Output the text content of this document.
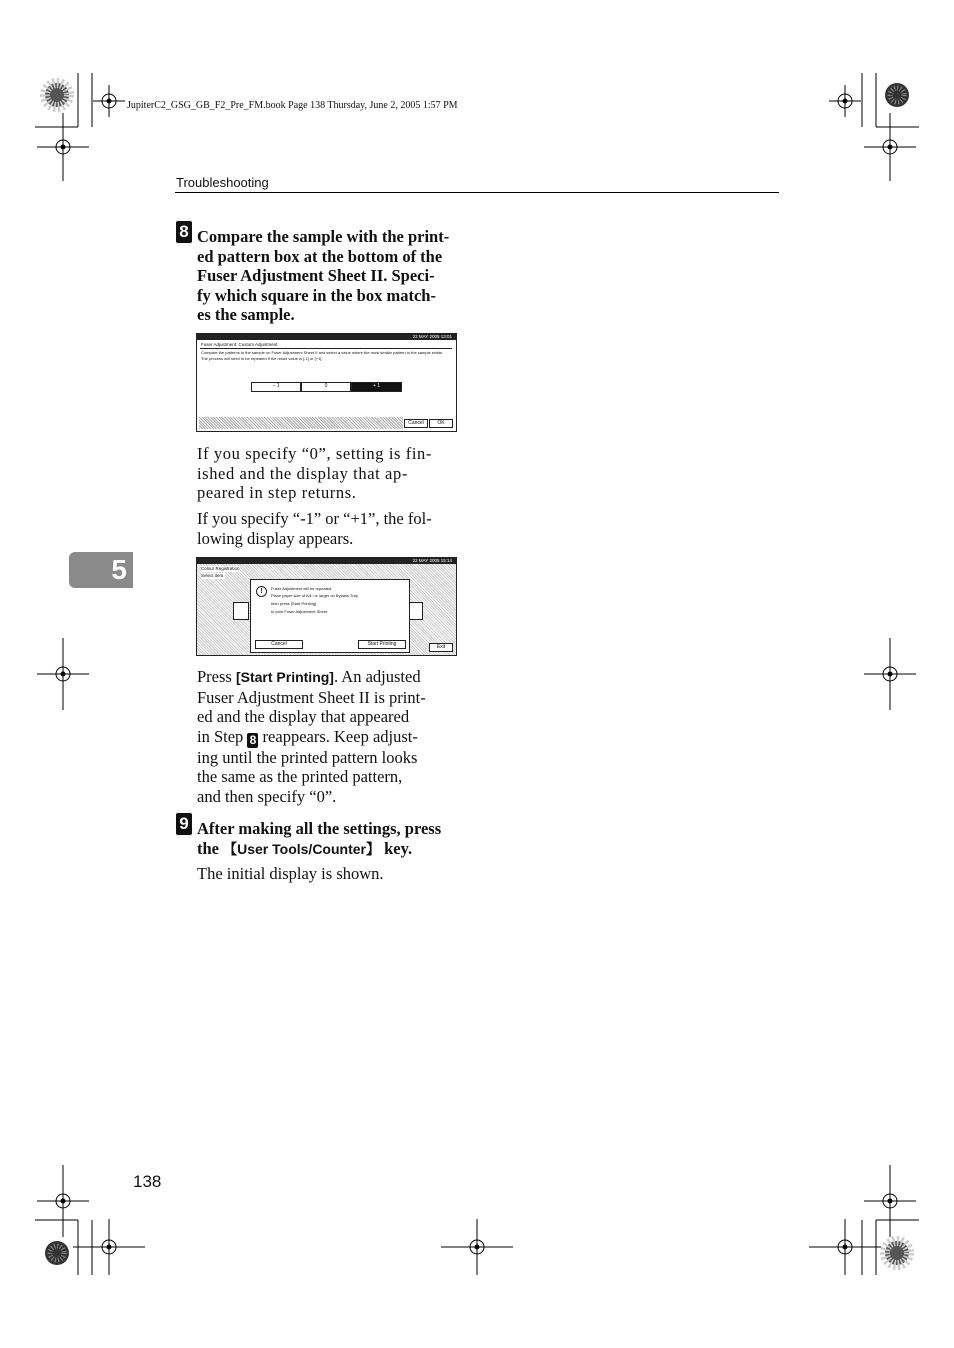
JupiterC2_GSG_GB_F2_Pre_FM.book Page 138 Thursday, June 2, 2005 1:57 PM
Troubleshooting
5
8 Compare the sample with the print-
ed pattern box at the bottom of the
Fuser Adjustment Sheet II. Speci-
fy which square in the box match-
es the sample.
22 MAY 2005 13:01
Fuser Adjustment: Custom Adjustment
Compare the patterns to the sample on Fuser Adjustment Sheet II and select a value where the most similar pattern to the sample exists.
The process will need to be repeated if the result value is [-1] or [+1].
− 1	0	+ 1
Cancel	OK
If you specify “0”, setting is fin-
ished and the display that ap-
peared in step returns.
If you specify “-1” or “+1”, the fol-
lowing display appears.
22 MAY 2005 15:14
Colour Registration
Select item.
!	Fuser Adjustment will be repeated.
Place paper size of A4□ or larger on Bypass Tray,
then press [Start Printing]
to print Fuser Adjustment Sheet.
Cancel	Start Printing	Exit
Press [Start Printing]. An adjusted
Fuser Adjustment Sheet II is print-
ed and the display that appeared
in Step 8 reappears. Keep adjust-
ing until the printed pattern looks
the same as the printed pattern,
and then specify “0”.
9 After making all the settings, press
the 【User Tools/Counter】 key.
The initial display is shown.
138
